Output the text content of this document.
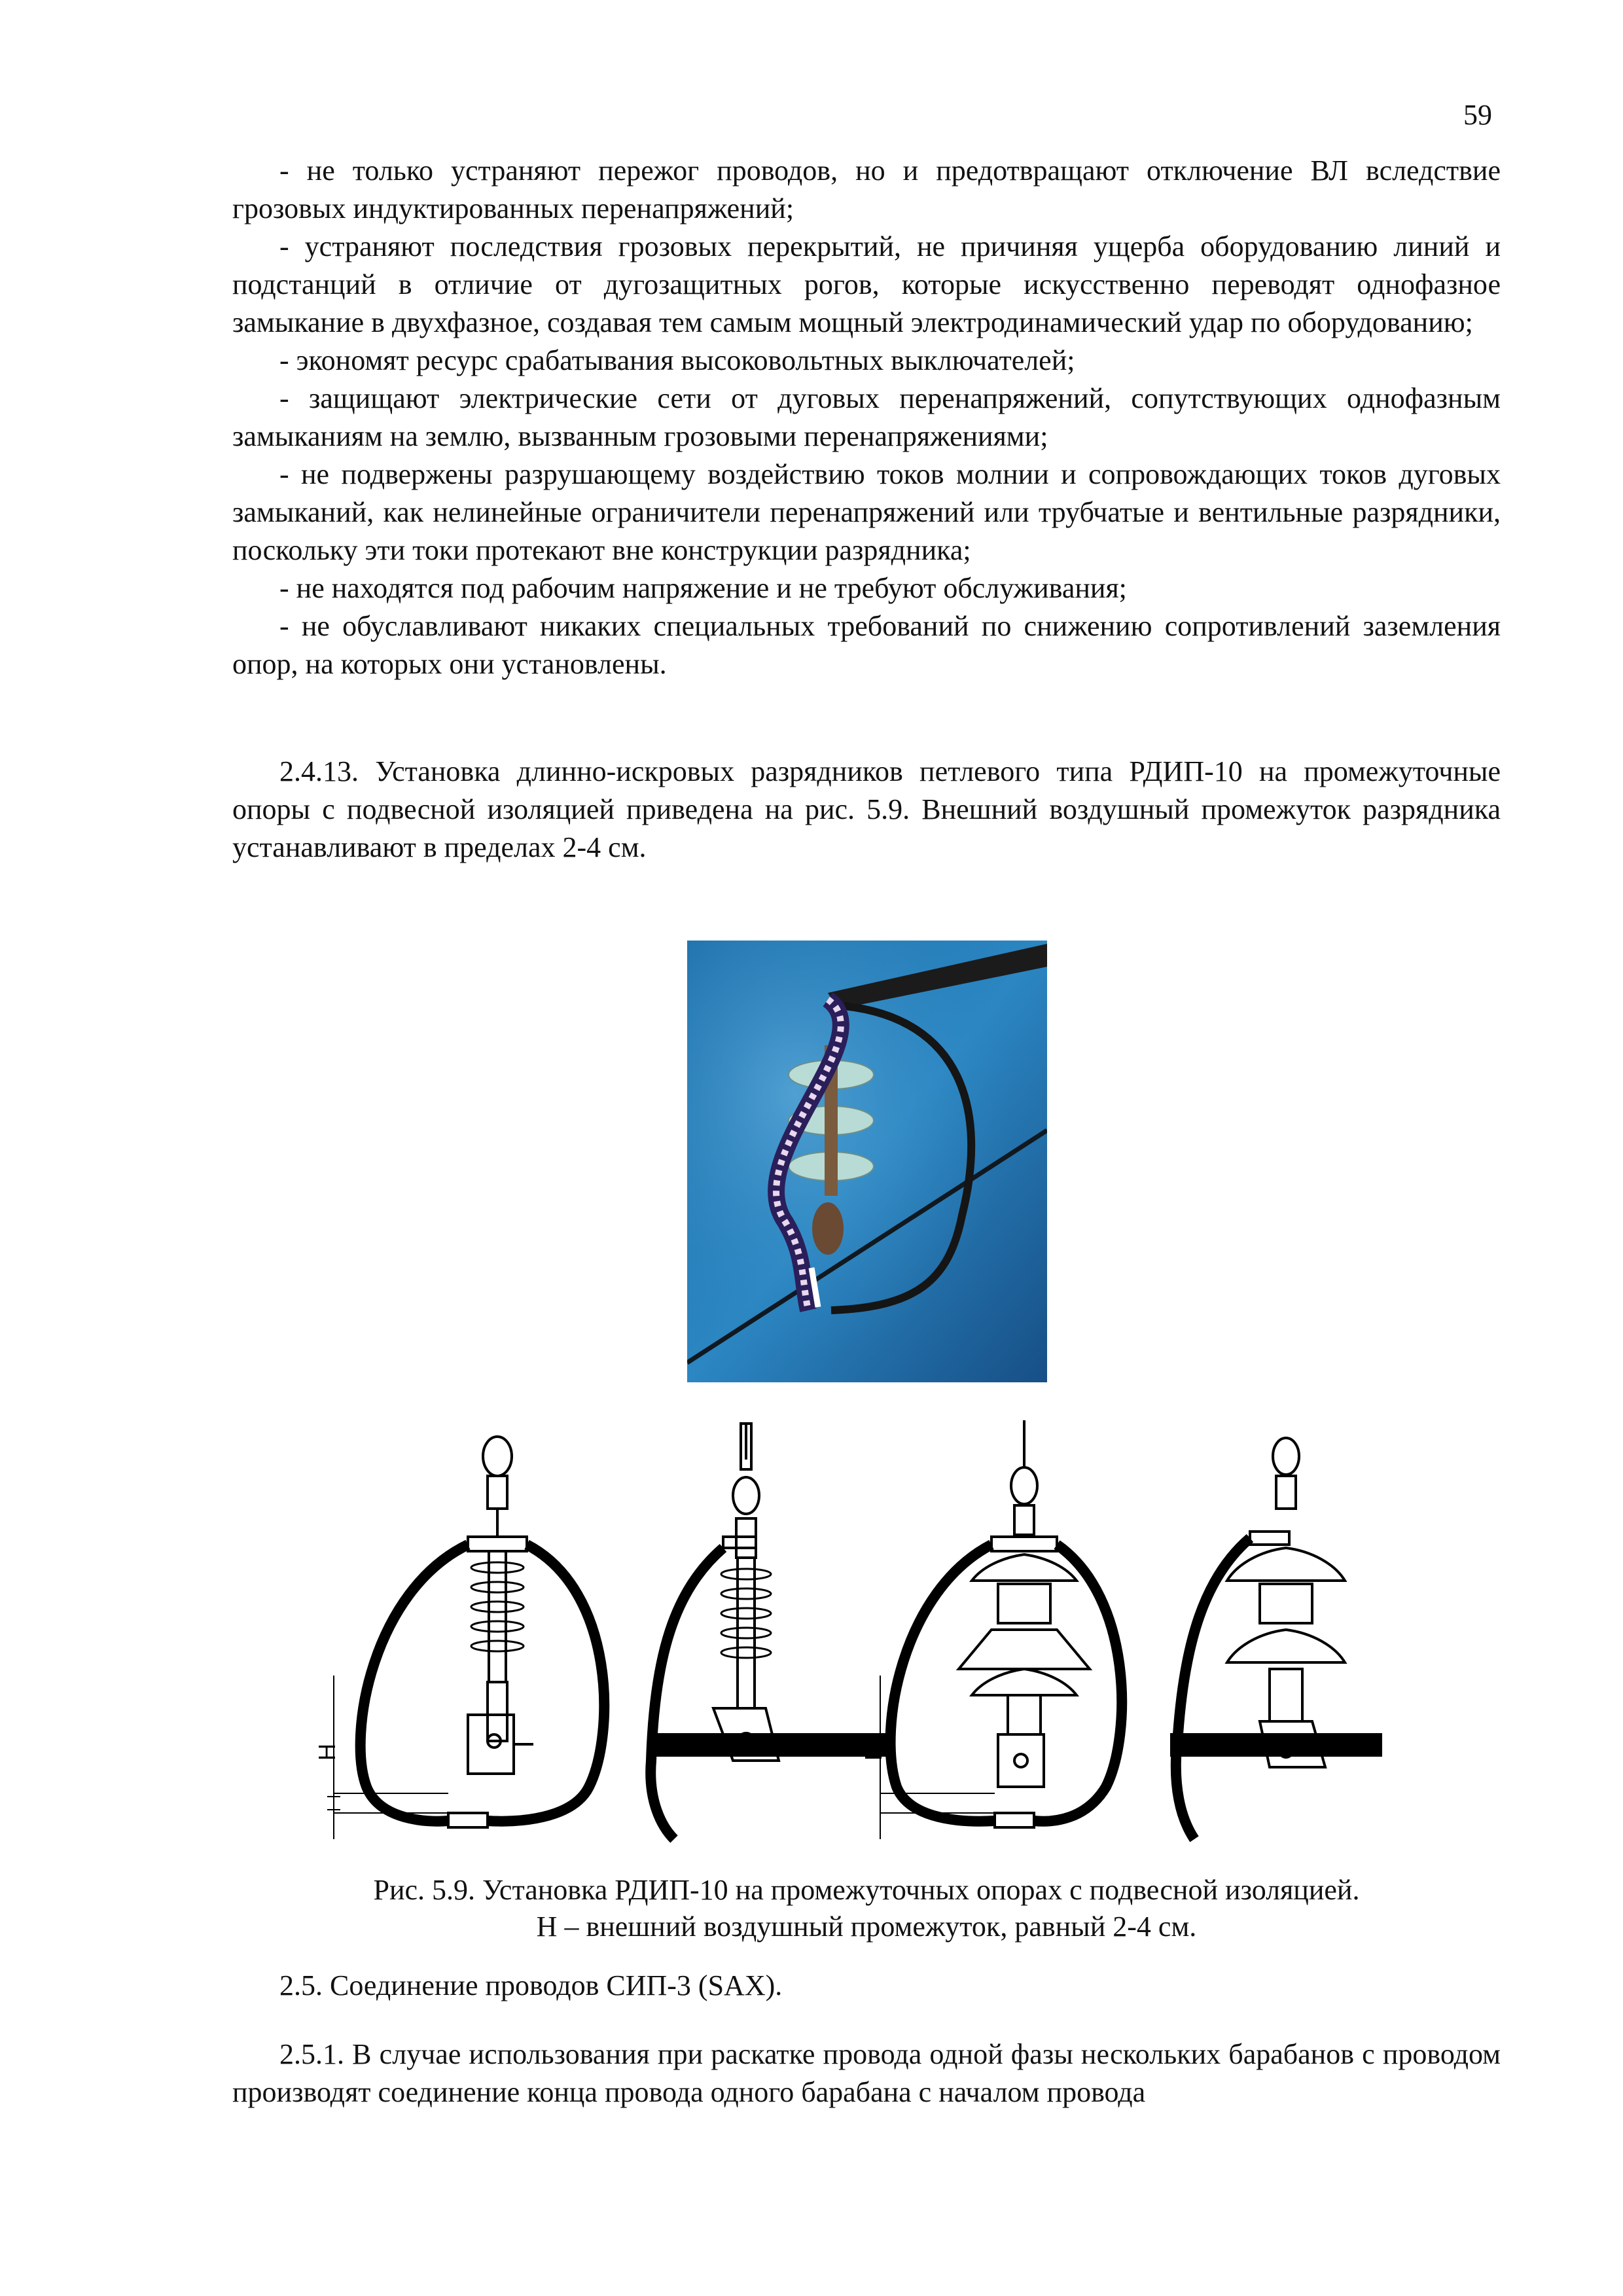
59

- не только устраняют пережог проводов, но и предотвращают отключение ВЛ вследствие грозовых индуктированных перенапряжений;

- устраняют последствия грозовых перекрытий, не причиняя ущерба оборудованию линий и подстанций в отличие от дугозащитных рогов, которые искусственно переводят однофазное замыкание в двухфазное, создавая тем самым мощный электродинамический удар по оборудованию;

- экономят ресурс срабатывания высоковольтных выключателей;

- защищают электрические сети от дуговых перенапряжений, сопутствующих однофазным замыканиям на землю, вызванным грозовыми перенапряжениями;

- не подвержены разрушающему воздействию токов молнии и сопровождающих токов дуговых замыканий, как нелинейные ограничители перенапряжений или трубчатые и вентильные разрядники, поскольку эти токи протекают вне конструкции разрядника;

- не находятся под рабочим напряжение и не требуют обслуживания;

- не обуславливают никаких специальных требований по снижению сопротивлений заземления опор, на которых они установлены.

2.4.13. Установка длинно-искровых разрядников петлевого типа РДИП-10 на промежуточные опоры с подвесной изоляцией приведена на рис. 5.9. Внешний воздушный промежуток разрядника устанавливают в пределах 2-4 см.

H	H
Рис. 5.9. Установка РДИП-10 на промежуточных опорах с подвесной изоляцией.
Н – внешний воздушный промежуток, равный 2-4 см.

2.5. Соединение проводов СИП-3 (SAX).

2.5.1. В случае использования при раскатке провода одной фазы нескольких барабанов с проводом производят соединение конца провода одного барабана с началом провода
